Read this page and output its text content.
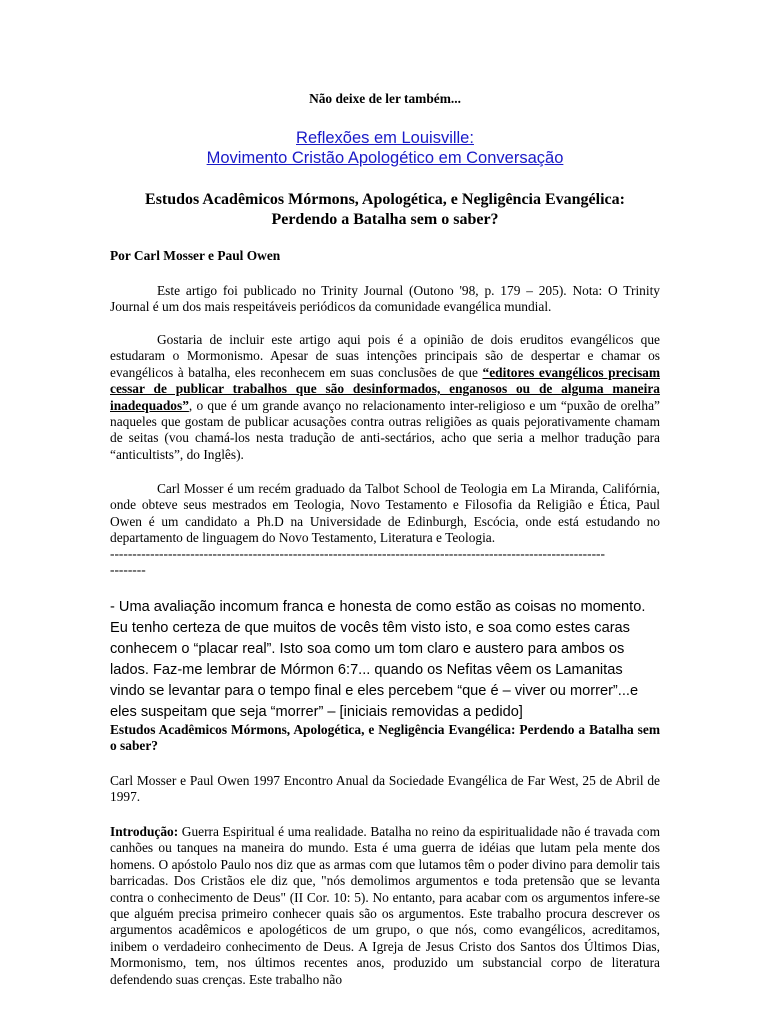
Não deixe de ler também...

Reflexões em Louisville:
Movimento Cristão Apologético em Conversação
Estudos Acadêmicos Mórmons, Apologética, e Negligência Evangélica:
Perdendo a Batalha sem o saber?

Por Carl Mosser e Paul Owen

Este artigo foi publicado no Trinity Journal (Outono '98, p. 179 – 205). Nota: O Trinity Journal é um dos mais respeitáveis periódicos da comunidade evangélica mundial.

Gostaria de incluir este artigo aqui pois é a opinião de dois eruditos evangélicos que estudaram o Mormonismo. Apesar de suas intenções principais são de despertar e chamar os evangélicos à batalha, eles reconhecem em suas conclusões de que “editores evangélicos precisam cessar de publicar trabalhos que são desinformados, enganosos ou de alguma maneira inadequados”, o que é um grande avanço no relacionamento inter-religioso e um “puxão de orelha” naqueles que gostam de publicar acusações contra outras religiões as quais pejorativamente chamam de seitas (vou chamá-los nesta tradução de anti-sectários, acho que seria a melhor tradução para “anticultists”, do Inglês).

Carl Mosser é um recém graduado da Talbot School de Teologia em La Miranda, Califórnia, onde obteve seus mestrados em Teologia, Novo Testamento e Filosofia da Religião e Ética, Paul Owen é um candidato a Ph.D na Universidade de Edinburgh, Escócia, onde está estudando no departamento de linguagem do Novo Testamento, Literatura e Teologia.

---------------------------------------------------------------------------------------------------------------
--------

- Uma avaliação incomum franca e honesta de como estão as coisas no momento. Eu tenho certeza de que muitos de vocês têm visto isto, e soa como estes caras conhecem o “placar real”. Isto soa como um tom claro e austero para ambos os lados. Faz-me lembrar de Mórmon 6:7... quando os Nefitas vêem os Lamanitas vindo se levantar para o tempo final e eles percebem “que é – viver ou morrer”...e eles suspeitam que seja “morrer” – [iniciais removidas a pedido]

Estudos Acadêmicos Mórmons, Apologética, e Negligência Evangélica: Perdendo a Batalha sem o saber?

Carl Mosser e Paul Owen 1997 Encontro Anual da Sociedade Evangélica de Far West, 25 de Abril de 1997.

Introdução: Guerra Espiritual é uma realidade. Batalha no reino da espiritualidade não é travada com canhões ou tanques na maneira do mundo. Esta é uma guerra de idéias que lutam pela mente dos homens. O apóstolo Paulo nos diz que as armas com que lutamos têm o poder divino para demolir tais barricadas. Dos Cristãos ele diz que, "nós demolimos argumentos e toda pretensão que se levanta contra o conhecimento de Deus" (II Cor. 10: 5). No entanto, para acabar com os argumentos infere-se que alguém precisa primeiro conhecer quais são os argumentos. Este trabalho procura descrever os argumentos acadêmicos e apologéticos de um grupo, o que nós, como evangélicos, acreditamos, inibem o verdadeiro conhecimento de Deus. A Igreja de Jesus Cristo dos Santos dos Últimos Dias, Mormonismo, tem, nos últimos recentes anos, produzido um substancial corpo de literatura defendendo suas crenças. Este trabalho não
